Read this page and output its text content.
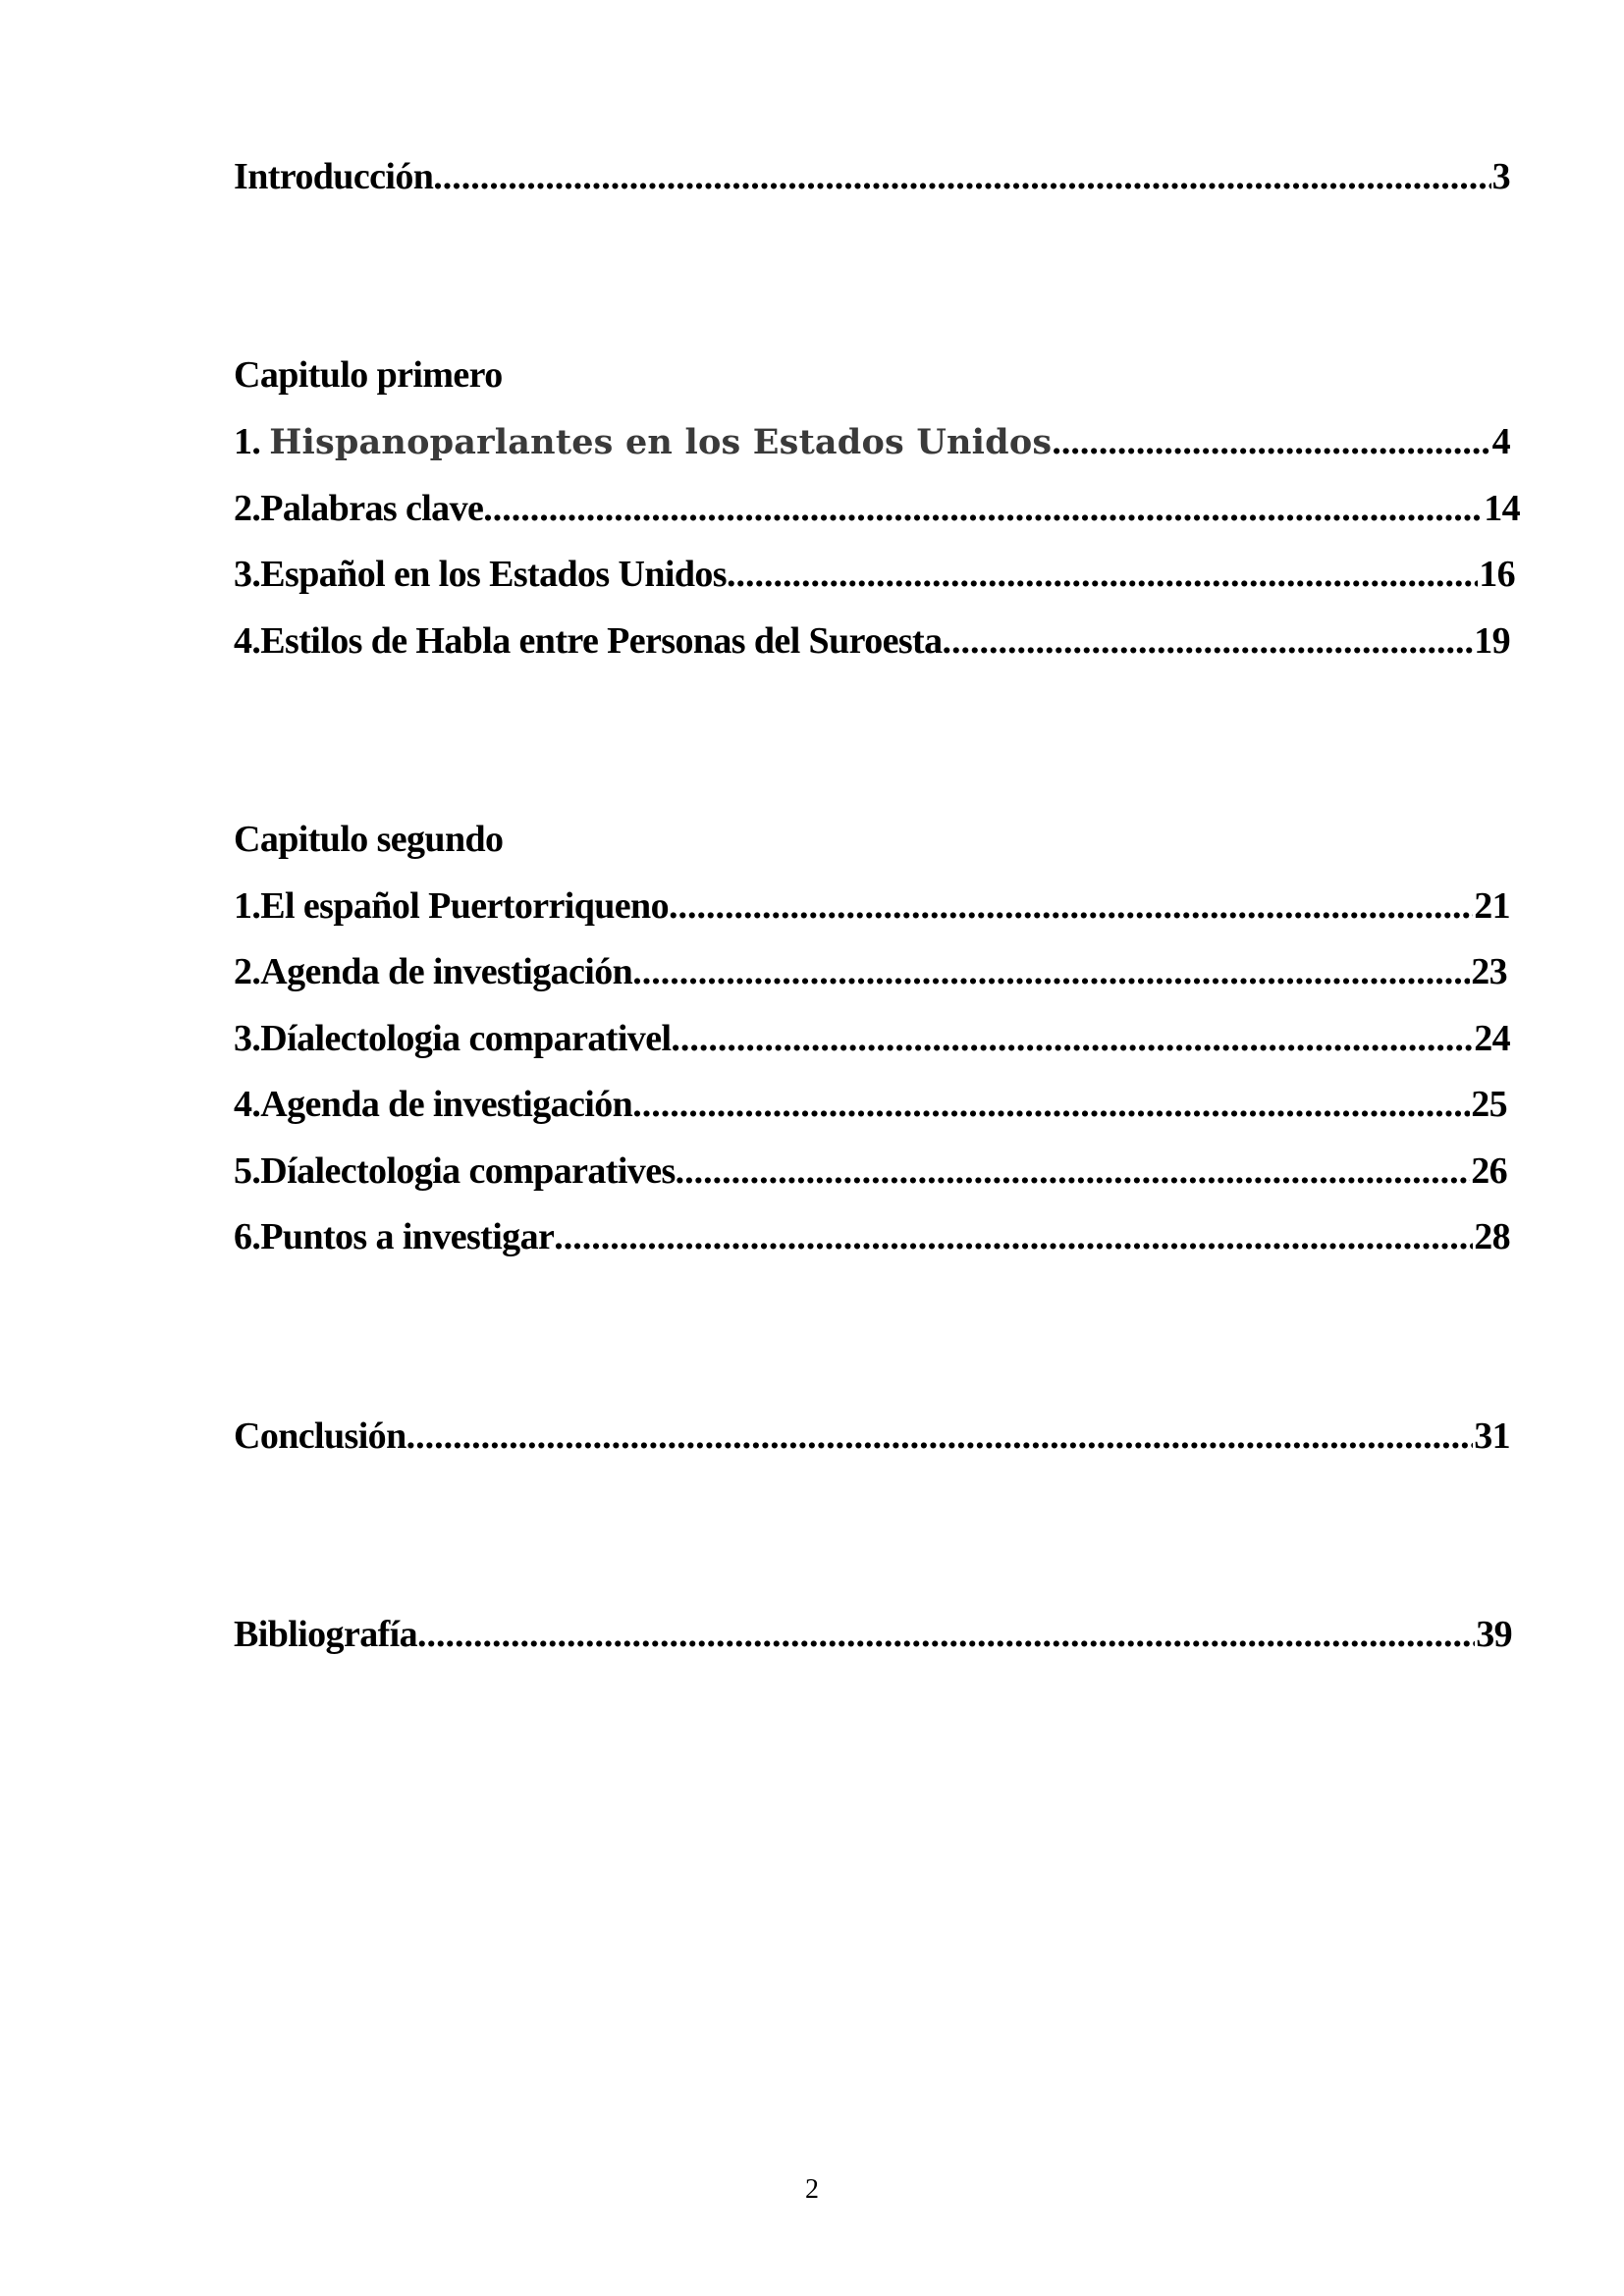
Introducción .....	3
Capitulo primero
1. Hispanoparlantes en los Estados Unidos .....	4
2.Palabras clave .....	14
3.Español en los Estados Unidos .....	16
4.Estilos de Habla entre Personas del Suroesta .....	19
Capitulo segundo
1.El español Puertorriqueno .....	21
2.Agenda de investigación .....	23
3.Díalectologia comparativel .....	24
4.Agenda de investigación .....	25
5.Díalectologia comparatives .....	26
6.Puntos a investigar .....	28
Conclusión .....	31
Bibliografía .....	39
2
